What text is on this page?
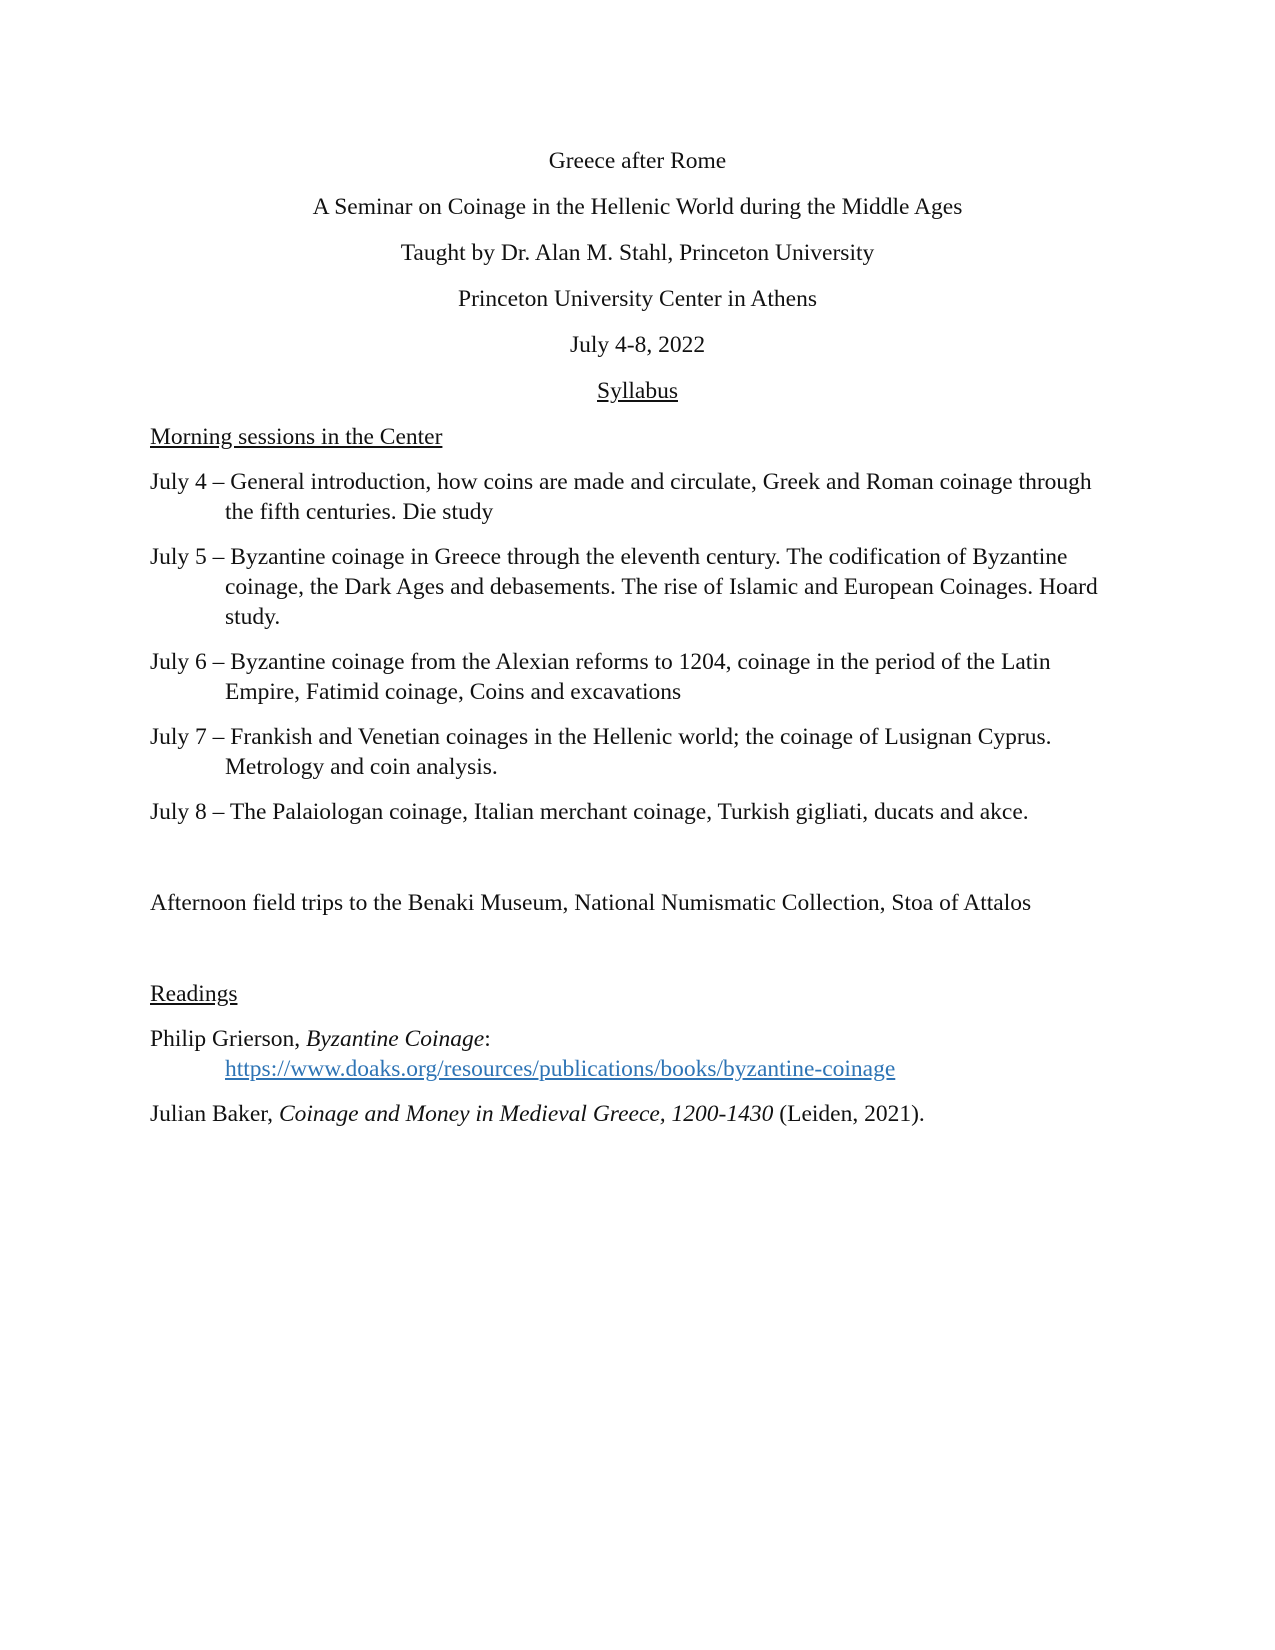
Greece after Rome

A Seminar on Coinage in the Hellenic World during the Middle Ages

Taught by Dr. Alan M. Stahl, Princeton University

Princeton University Center in Athens

July 4-8, 2022

Syllabus

Morning sessions in the Center

July 4 – General introduction, how coins are made and circulate, Greek and Roman coinage through the fifth centuries. Die study

July 5 – Byzantine coinage in Greece through the eleventh century. The codification of Byzantine coinage, the Dark Ages and debasements. The rise of Islamic and European Coinages. Hoard study.

July 6 – Byzantine coinage from the Alexian reforms to 1204, coinage in the period of the Latin Empire, Fatimid coinage, Coins and excavations

July 7 – Frankish and Venetian coinages in the Hellenic world; the coinage of Lusignan Cyprus. Metrology and coin analysis.

July 8 – The Palaiologan coinage, Italian merchant coinage, Turkish gigliati, ducats and akce.

Afternoon field trips to the Benaki Museum, National Numismatic Collection, Stoa of Attalos

Readings

Philip Grierson, Byzantine Coinage:
https://www.doaks.org/resources/publications/books/byzantine-coinage

Julian Baker, Coinage and Money in Medieval Greece, 1200-1430 (Leiden, 2021).
